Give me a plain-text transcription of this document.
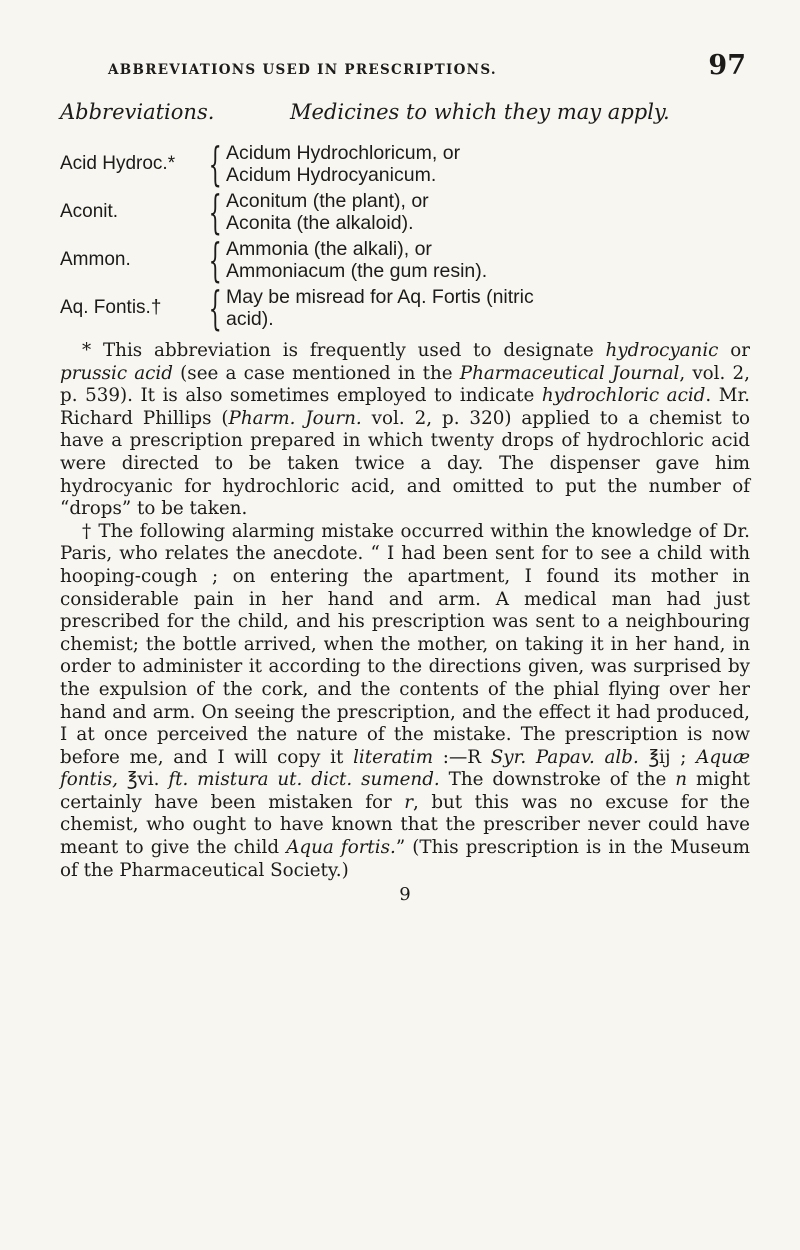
ABBREVIATIONS USED IN PRESCRIPTIONS.	97
Abbreviations.	Medicines to which they may apply.
Acid Hydroc.* { Acidum Hydrochloricum, or
Acidum Hydrocyanicum.
Aconit.	{ Aconitum (the plant), or
Aconita (the alkaloid).
Ammon.	{ Ammonia (the alkali), or
Ammoniacum (the gum resin).
Aq. Fontis.†	{ May be misread for Aq. Fortis (nitric
acid).

* This abbreviation is frequently used to designate hydrocyanic or prussic acid (see a case mentioned in the Pharmaceutical Journal, vol. 2, p. 539). It is also sometimes employed to indicate hydrochloric acid. Mr. Richard Phillips (Pharm. Journ. vol. 2, p. 320) applied to a chemist to have a prescription prepared in which twenty drops of hydrochloric acid were directed to be taken twice a day. The dispenser gave him hydrocyanic for hydrochloric acid, and omitted to put the number of “drops” to be taken.

† The following alarming mistake occurred within the knowledge of Dr. Paris, who relates the anecdote. “ I had been sent for to see a child with hooping-cough ; on entering the apartment, I found its mother in considerable pain in her hand and arm. A medical man had just prescribed for the child, and his prescription was sent to a neighbouring chemist; the bottle arrived, when the mother, on taking it in her hand, in order to administer it according to the directions given, was surprised by the expulsion of the cork, and the contents of the phial flying over her hand and arm. On seeing the prescription, and the effect it had produced, I at once perceived the nature of the mistake. The prescription is now before me, and I will copy it literatim :—R Syr. Papav. alb. ℥ij ; Aquæ fontis, ℥vi. ft. mistura ut. dict. sumend. The downstroke of the n might certainly have been mistaken for r, but this was no excuse for the chemist, who ought to have known that the prescriber never could have meant to give the child Aqua fortis.” (This prescription is in the Museum of the Pharmaceutical Society.)

9
